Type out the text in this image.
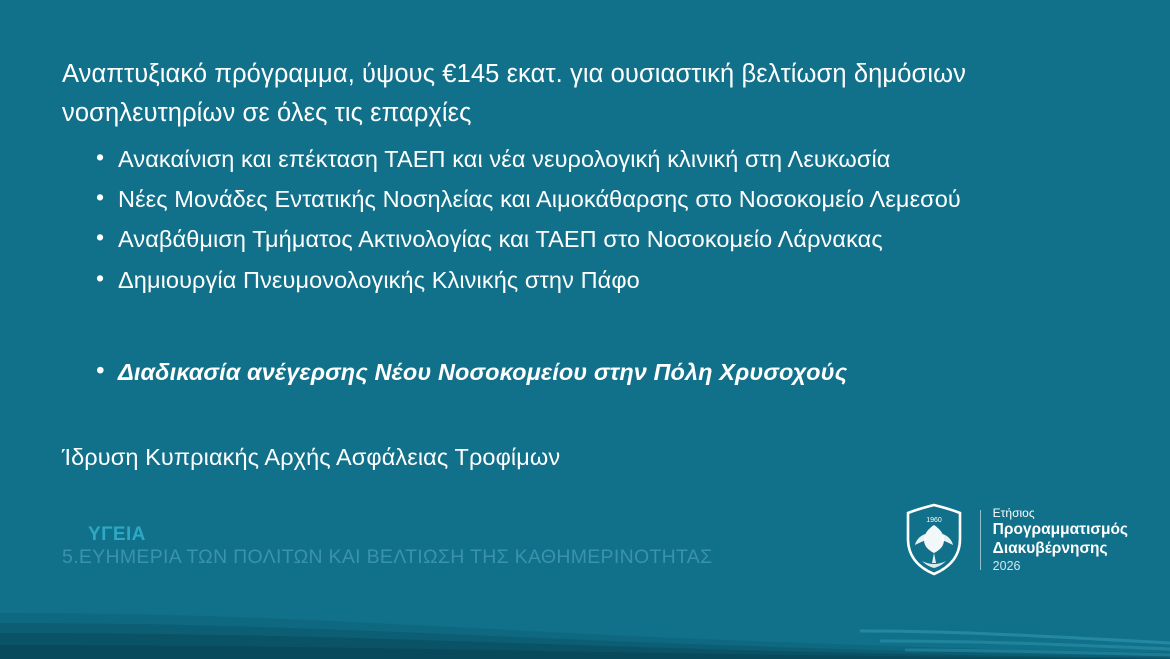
Αναπτυξιακό πρόγραμμα, ύψους €145 εκατ. για ουσιαστική βελτίωση δημόσιων νοσηλευτηρίων σε όλες τις επαρχίες
• Ανακαίνιση και επέκταση ΤΑΕΠ και νέα νευρολογική κλινική στη Λευκωσία
• Νέες Μονάδες Εντατικής Νοσηλείας και Αιμοκάθαρσης στο Νοσοκομείο Λεμεσού
• Αναβάθμιση Τμήματος Ακτινολογίας και ΤΑΕΠ στο Νοσοκομείο Λάρνακας
• Δημιουργία Πνευμονολογικής Κλινικής στην Πάφο
• Διαδικασία ανέγερσης Νέου Νοσοκομείου στην Πόλη Χρυσοχούς
Ίδρυση Κυπριακής Αρχής Ασφάλειας Τροφίμων
ΥΓΕΙΑ
5.ΕΥΗΜΕΡΙΑ ΤΩΝ ΠΟΛΙΤΩΝ ΚΑΙ ΒΕΛΤΙΩΣΗ ΤΗΣ ΚΑΘΗΜΕΡΙΝΟΤΗΤΑΣ
1960
Ετήσιος
Προγραμματισμός
Διακυβέρνησης
2026
